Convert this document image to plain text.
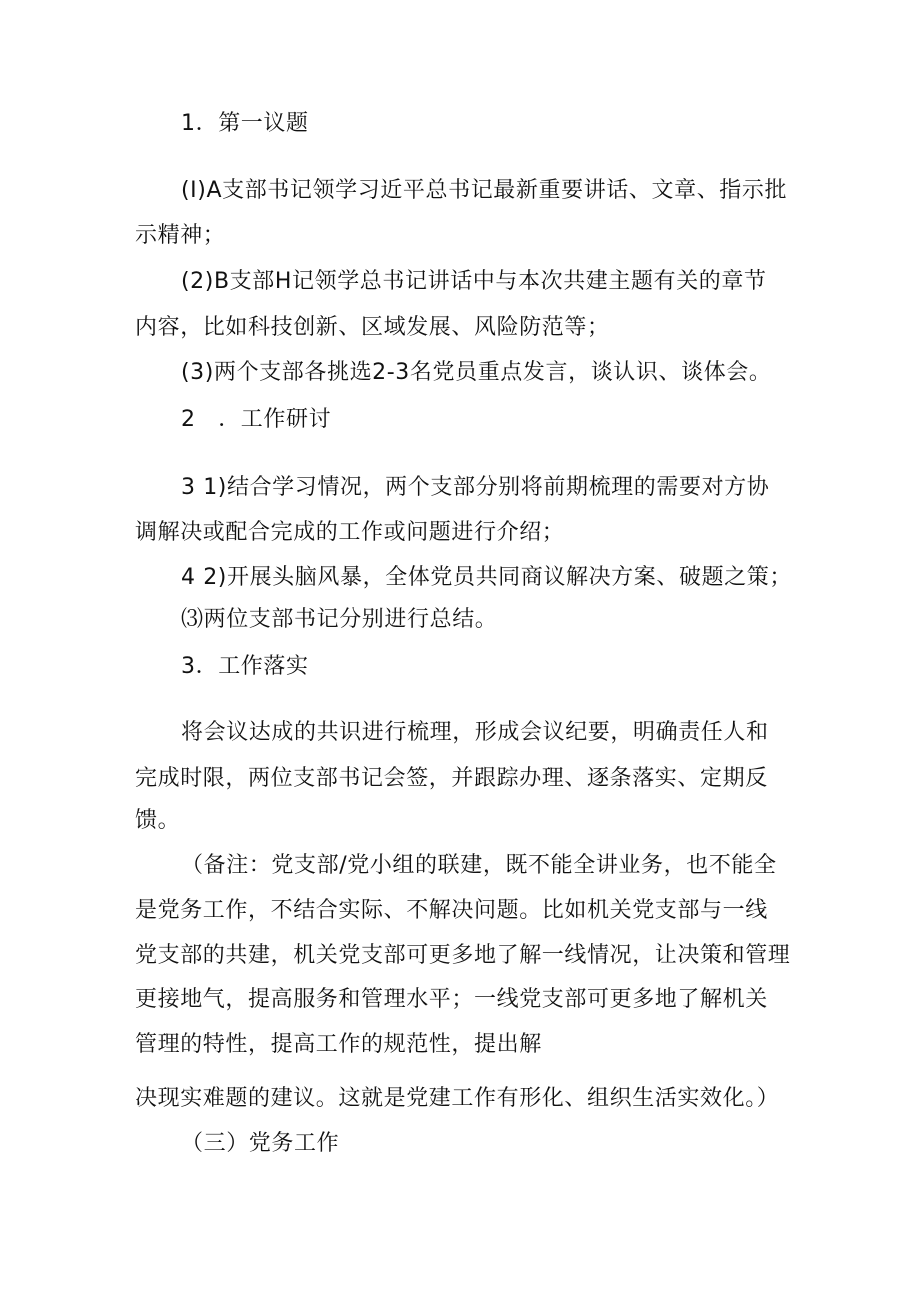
1．第一议题
(I)A支部书记领学习近平总书记最新重要讲话、文章、指示批
示精神；
(2)B支部H记领学总书记讲话中与本次共建主题有关的章节
内容，比如科技创新、区域发展、风险防范等；
(3)两个支部各挑选2-3名党员重点发言，谈认识、谈体会。
2　．工作研讨
3 1)结合学习情况，两个支部分别将前期梳理的需要对方协
调解决或配合完成的工作或问题进行介绍；
4 2)开展头脑风暴，全体党员共同商议解决方案、破题之策；
⑶两位支部书记分别进行总结。
3．工作落实
将会议达成的共识进行梳理，形成会议纪要，明确责任人和
完成时限，两位支部书记会签，并跟踪办理、逐条落实、定期反
馈。
（备注：党支部/党小组的联建，既不能全讲业务，也不能全
是党务工作，不结合实际、不解决问题。比如机关党支部与一线
党支部的共建，机关党支部可更多地了解一线情况，让决策和管理
更接地气，提高服务和管理水平；一线党支部可更多地了解机关
管理的特性，提高工作的规范性，提出解
决现实难题的建议。这就是党建工作有形化、组织生活实效化。）
（三）党务工作
